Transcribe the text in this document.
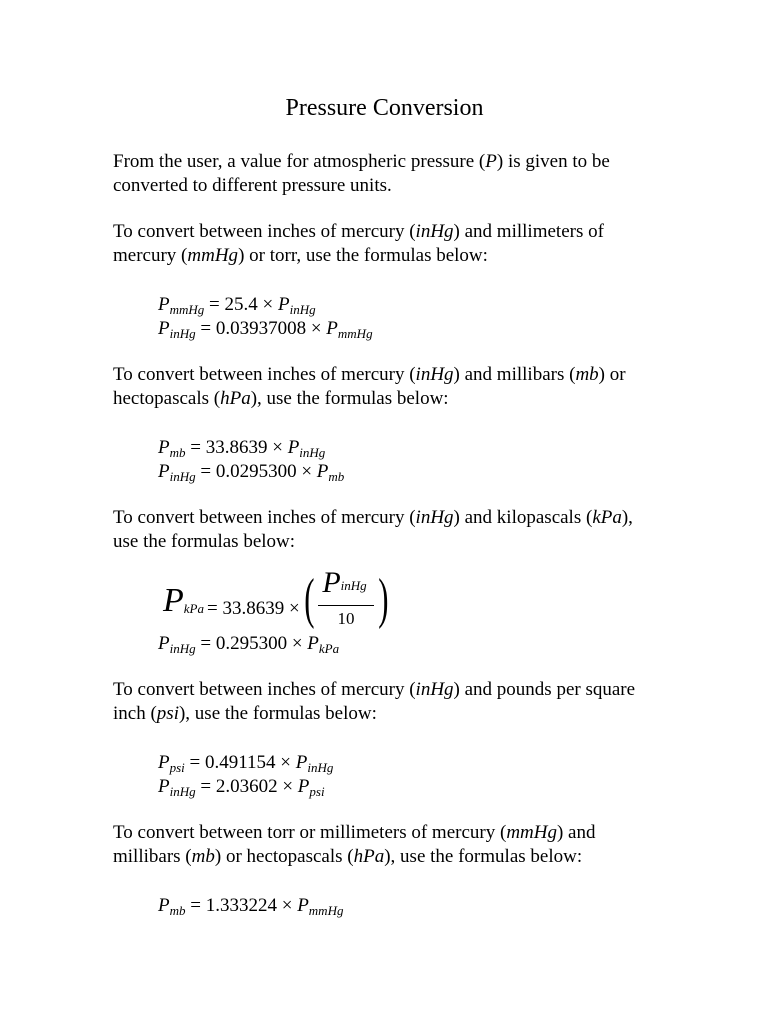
Pressure Conversion

From the user, a value for atmospheric pressure (P) is given to be converted to different pressure units.

To convert between inches of mercury (inHg) and millimeters of mercury (mmHg) or torr, use the formulas below:

$P_{mmHg} = 25.4 \times P_{inHg}$
$P_{inHg} = 0.03937008 \times P_{mmHg}$

To convert between inches of mercury (inHg) and millibars (mb) or hectopascals (hPa), use the formulas below:

$P_{mb} = 33.8639 \times P_{inHg}$
$P_{inHg} = 0.0295300 \times P_{mb}$

To convert between inches of mercury (inHg) and kilopascals (kPa), use the formulas below:

P kPa = 33.8639 × ( $\frac{\text{PinHg}}{10}$ )
$P_{inHg} = 0.295300 \times P_{kPa}$

To convert between inches of mercury (inHg) and pounds per square inch (psi), use the formulas below:

$P_{psi} = 0.491154 \times P_{inHg}$
$P_{inHg} = 2.03602 \times P_{psi}$

To convert between torr or millimeters of mercury (mmHg) and millibars (mb) or hectopascals (hPa), use the formulas below:

$P_{mb} = 1.333224 \times P_{mmHg}$
